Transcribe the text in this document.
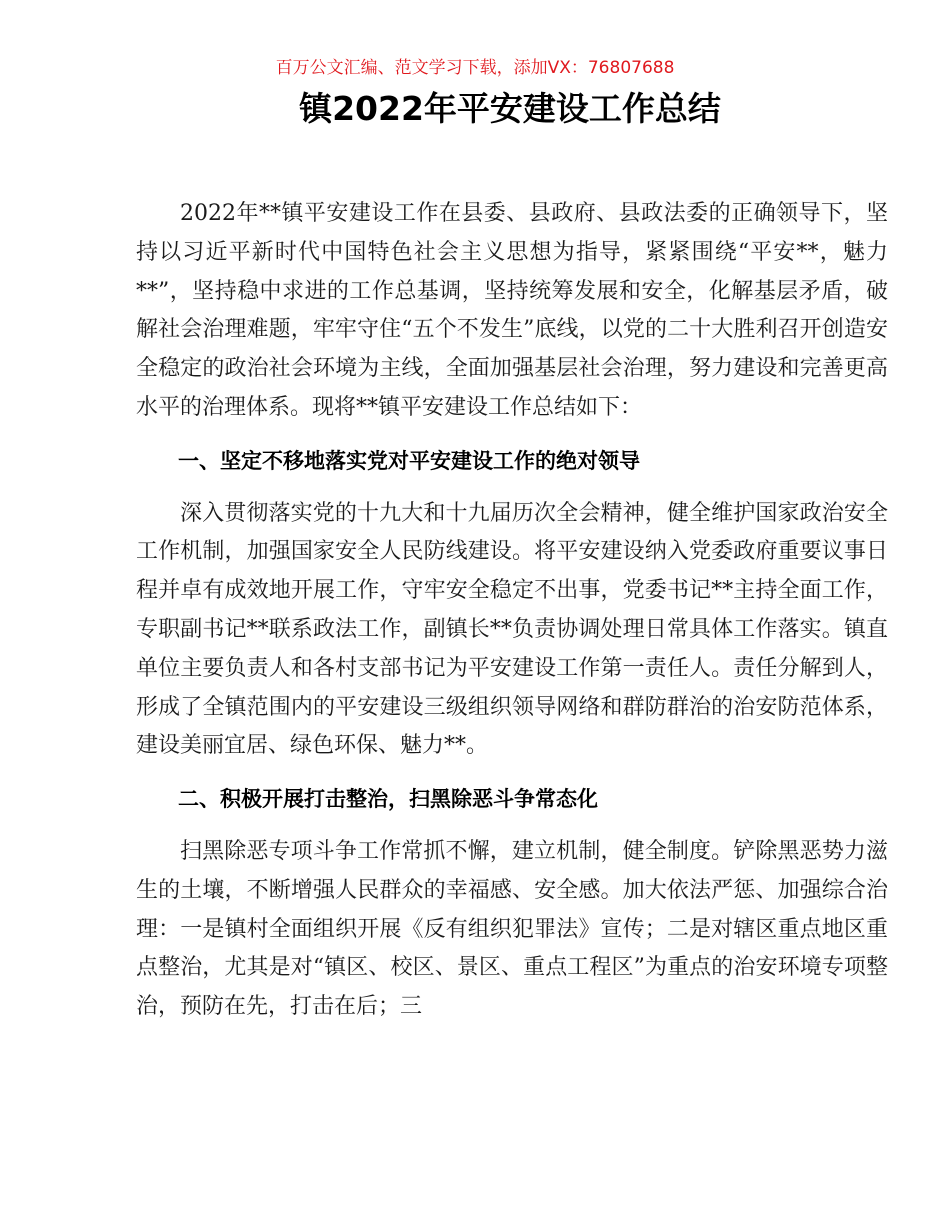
百万公文汇编、范文学习下载，添加VX：76807688
镇2022年平安建设工作总结

2022年**镇平安建设工作在县委、县政府、县政法委的正确领导下，坚持以习近平新时代中国特色社会主义思想为指导，紧紧围绕“平安**，魅力**”，坚持稳中求进的工作总基调，坚持统筹发展和安全，化解基层矛盾，破解社会治理难题，牢牢守住“五个不发生”底线，以党的二十大胜利召开创造安全稳定的政治社会环境为主线，全面加强基层社会治理，努力建设和完善更高水平的治理体系。现将**镇平安建设工作总结如下：

一、坚定不移地落实党对平安建设工作的绝对领导

深入贯彻落实党的十九大和十九届历次全会精神，健全维护国家政治安全工作机制，加强国家安全人民防线建设。将平安建设纳入党委政府重要议事日程并卓有成效地开展工作，守牢安全稳定不出事，党委书记**主持全面工作，专职副书记**联系政法工作，副镇长**负责协调处理日常具体工作落实。镇直单位主要负责人和各村支部书记为平安建设工作第一责任人。责任分解到人，形成了全镇范围内的平安建设三级组织领导网络和群防群治的治安防范体系，建设美丽宜居、绿色环保、魅力**。

二、积极开展打击整治，扫黑除恶斗争常态化

扫黑除恶专项斗争工作常抓不懈，建立机制，健全制度。铲除黑恶势力滋生的土壤，不断增强人民群众的幸福感、安全感。加大依法严惩、加强综合治理：一是镇村全面组织开展《反有组织犯罪法》宣传；二是对辖区重点地区重点整治，尤其是对“镇区、校区、景区、重点工程区”为重点的治安环境专项整治，预防在先，打击在后；三
